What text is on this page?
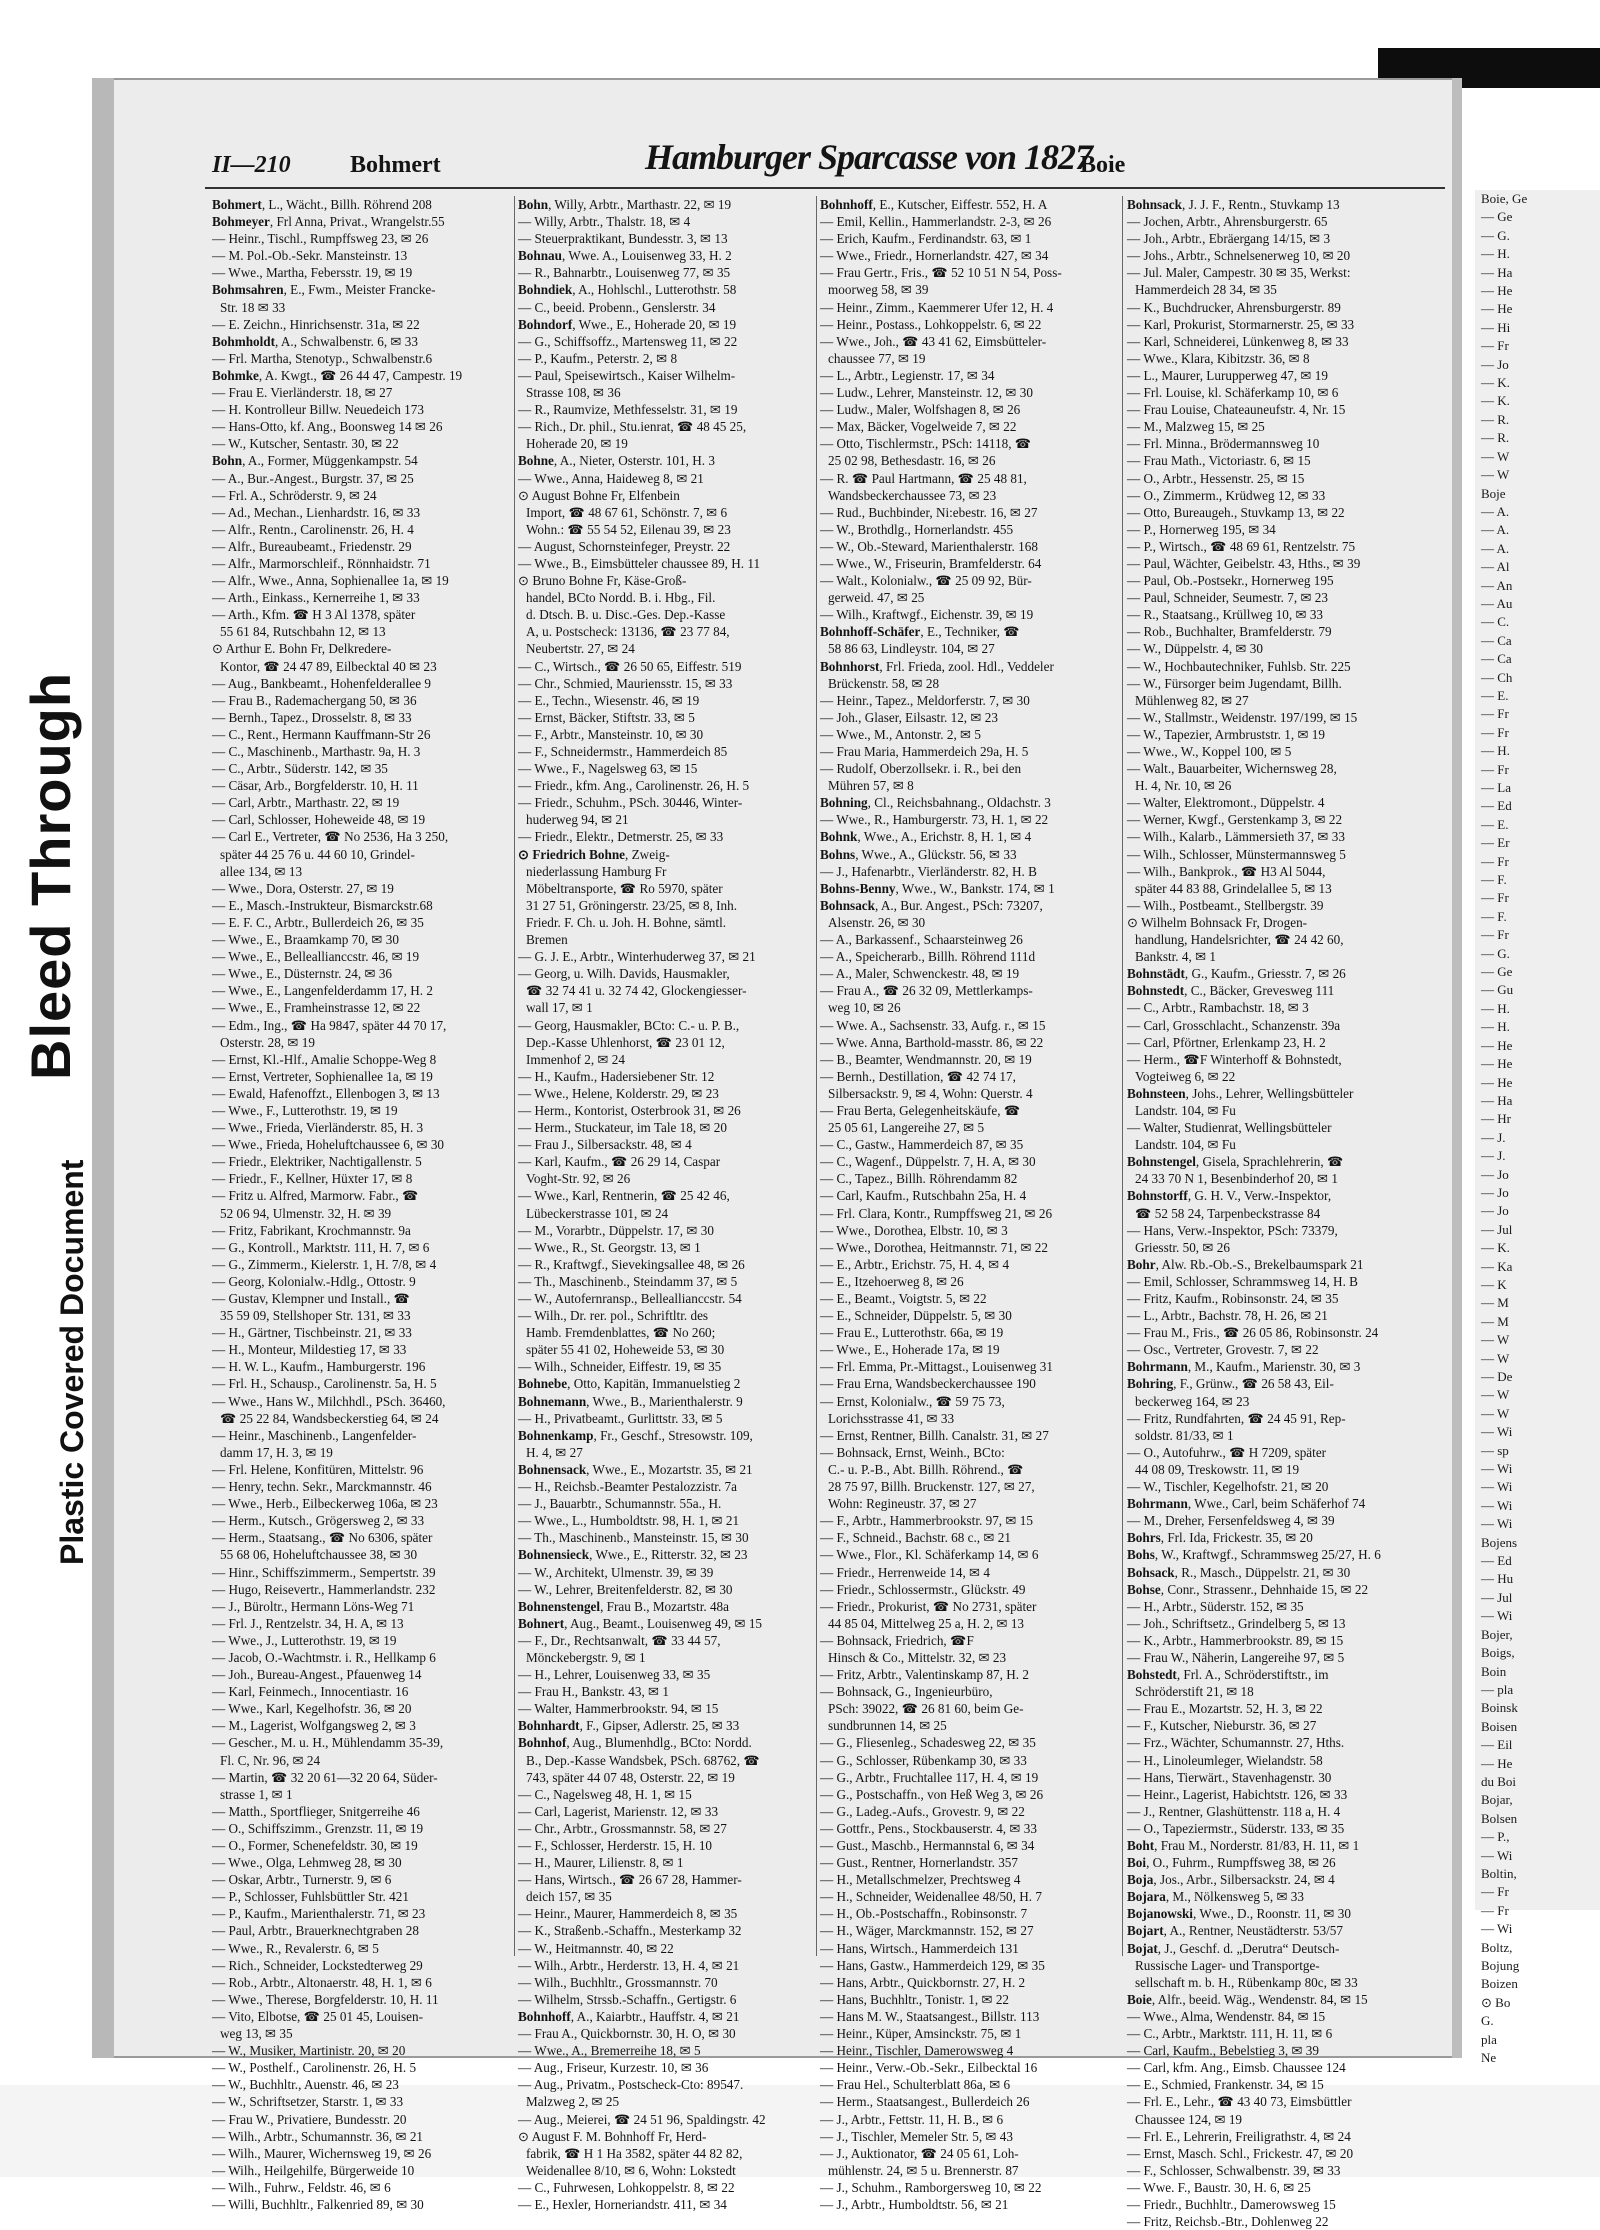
Bleed Through
Plastic Covered Document
Boie, Ge
— Ge
— G.
— H.
— Ha
— He
— He
— Hi
— Fr
— Jo
— K.
— K.
— R.
— R.
— W
— W
Boje
— A.
— A.
— A.
— Al
— An
— Au
— C.
— Ca
— Ca
— Ch
— E.
— Fr
— Fr
— H.
— Fr
— La
— Ed
— E.
— Er
— Fr
— F.
— Fr
— F.
— Fr
— G.
— Ge
— Gu
— H.
— H.
— He
— He
— He
— Ha
— Hr
— J.
— J.
— Jo
— Jo
— Jo
— Jul
— K.
— Ka
— K
— M
— M
— W
— W
— De
— W
— W
— Wi
— sp
— Wi
— Wi
— Wi
— Wi
Bojens
— Ed
— Hu
— Jul
— Wi
Bojer,
Boigs,
Boin
— pla
Boinsk
Boisen
— Eil
— He
du Boi
Bojar,
Bolsen
— P.,
— Wi
Boltin,
— Fr
— Fr
— Wi
Boltz,
Bojung
Boizen
⊙ Bo
G.
pla
Ne
II—210 Bohmert	Hamburger Sparcasse von 1827
Boie
Bohmert, L., Wächt., Billh. Röhrend 208
Bohmeyer, Frl Anna, Privat., Wrangelstr.55
— Heinr., Tischl., Rumpffsweg 23, ✉ 26
— M. Pol.-Ob.-Sekr. Mansteinstr. 13
— Wwe., Martha, Febersstr. 19, ✉ 19
Bohmsahren, E., Fwm., Meister Francke-
Str. 18 ✉ 33
— E. Zeichn., Hinrichsenstr. 31a, ✉ 22
Bohmholdt, A., Schwalbenstr. 6, ✉ 33
— Frl. Martha, Stenotyp., Schwalbenstr.6
Bohmke, A. Kwgt., ☎ 26 44 47, Campestr. 19
— Frau E. Vierländerstr. 18, ✉ 27
— H. Kontrolleur Billw. Neuedeich 173
— Hans-Otto, kf. Ang., Boonsweg 14 ✉ 26
— W., Kutscher, Sentastr. 30, ✉ 22
Bohn, A., Former, Müggenkampstr. 54
— A., Bur.-Angest., Burgstr. 37, ✉ 25
— Frl. A., Schröderstr. 9, ✉ 24
— Ad., Mechan., Lienhardstr. 16, ✉ 33
— Alfr., Rentn., Carolinenstr. 26, H. 4
— Alfr., Bureaubeamt., Friedenstr. 29
— Alfr., Marmorschleif., Rönnhaidstr. 71
— Alfr., Wwe., Anna, Sophienallee 1a, ✉ 19
— Arth., Einkass., Kernerreihe 1, ✉ 33
— Arth., Kfm. ☎ H 3 Al 1378, später
55 61 84, Rutschbahn 12, ✉ 13
⊙ Arthur E. Bohn Fr, Delkredere-
Kontor, ☎ 24 47 89, Eilbecktal 40 ✉ 23
— Aug., Bankbeamt., Hohenfelderallee 9
— Frau B., Rademachergang 50, ✉ 36
— Bernh., Tapez., Drosselstr. 8, ✉ 33
— C., Rent., Hermann Kauffmann-Str 26
— C., Maschinenb., Marthastr. 9a, H. 3
— C., Arbtr., Süderstr. 142, ✉ 35
— Cäsar, Arb., Borgfelderstr. 10, H. 11
— Carl, Arbtr., Marthastr. 22, ✉ 19
— Carl, Schlosser, Hoheweide 48, ✉ 19
— Carl E., Vertreter, ☎ No 2536, Ha 3 250,
später 44 25 76 u. 44 60 10, Grindel-
allee 134, ✉ 13
— Wwe., Dora, Osterstr. 27, ✉ 19
— E., Masch.-Instrukteur, Bismarckstr.68
— E. F. C., Arbtr., Bullerdeich 26, ✉ 35
— Wwe., E., Braamkamp 70, ✉ 30
— Wwe., E., Belleallianccstr. 46, ✉ 19
— Wwe., E., Düsternstr. 24, ✉ 36
— Wwe., E., Langenfelderdamm 17, H. 2
— Wwe., E., Framheinstrasse 12, ✉ 22
— Edm., Ing., ☎ Ha 9847, später 44 70 17,
Osterstr. 28, ✉ 19
— Ernst, Kl.-Hlf., Amalie Schoppe-Weg 8
— Ernst, Vertreter, Sophienallee 1a, ✉ 19
— Ewald, Hafenoffzt., Ellenbogen 3, ✉ 13
— Wwe., F., Lutterothstr. 19, ✉ 19
— Wwe., Frieda, Vierländerstr. 85, H. 3
— Wwe., Frieda, Hoheluftchaussee 6, ✉ 30
— Friedr., Elektriker, Nachtigallenstr. 5
— Friedr., F., Kellner, Hüxter 17, ✉ 8
— Fritz u. Alfred, Marmorw. Fabr., ☎
52 06 94, Ulmenstr. 32, H. ✉ 39
— Fritz, Fabrikant, Krochmannstr. 9a
— G., Kontroll., Marktstr. 111, H. 7, ✉ 6
— G., Zimmerm., Kielerstr. 1, H. 7/8, ✉ 4
— Georg, Kolonialw.-Hdlg., Ottostr. 9
— Gustav, Klempner und Install., ☎
35 59 09, Stellshoper Str. 131, ✉ 33
— H., Gärtner, Tischbeinstr. 21, ✉ 33
— H., Monteur, Mildestieg 17, ✉ 33
— H. W. L., Kaufm., Hamburgerstr. 196
— Frl. H., Schausp., Carolinenstr. 5a, H. 5
— Wwe., Hans W., Milchhdl., PSch. 36460,
☎ 25 22 84, Wandsbeckerstieg 64, ✉ 24
— Heinr., Maschinenb., Langenfelder-
damm 17, H. 3, ✉ 19
— Frl. Helene, Konfitüren, Mittelstr. 96
— Henry, techn. Sekr., Marckmannstr. 46
— Wwe., Herb., Eilbeckerweg 106a, ✉ 23
— Herm., Kutsch., Grögersweg 2, ✉ 33
— Herm., Staatsang., ☎ No 6306, später
55 68 06, Hoheluftchaussee 38, ✉ 30
— Hinr., Schiffszimmerm., Sempertstr. 39
— Hugo, Reisevertr., Hammerlandstr. 232
— J., Büroltr., Hermann Löns-Weg 71
— Frl. J., Rentzelstr. 34, H. A, ✉ 13
— Wwe., J., Lutterothstr. 19, ✉ 19
— Jacob, O.-Wachtmstr. i. R., Hellkamp 6
— Joh., Bureau-Angest., Pfauenweg 14
— Karl, Feinmech., Innocentiastr. 16
— Wwe., Karl, Kegelhofstr. 36, ✉ 20
— M., Lagerist, Wolfgangsweg 2, ✉ 3
— Gescher., M. u. H., Mühlendamm 35-39,
Fl. C, Nr. 96, ✉ 24
— Martin, ☎ 32 20 61—32 20 64, Süder-
strasse 1, ✉ 1
— Matth., Sportflieger, Snitgerreihe 46
— O., Schiffszimm., Grenzstr. 11, ✉ 19
— O., Former, Schenefeldstr. 30, ✉ 19
— Wwe., Olga, Lehmweg 28, ✉ 30
— Oskar, Arbtr., Turnerstr. 9, ✉ 6
— P., Schlosser, Fuhlsbüttler Str. 421
— P., Kaufm., Marienthalerstr. 71, ✉ 23
— Paul, Arbtr., Brauerknechtgraben 28
— Wwe., R., Revalerstr. 6, ✉ 5
— Rich., Schneider, Lockstedterweg 29
— Rob., Arbtr., Altonaerstr. 48, H. 1, ✉ 6
— Wwe., Therese, Borgfelderstr. 10, H. 11
— Vito, Elbotse, ☎ 25 01 45, Louisen-
weg 13, ✉ 35
— W., Musiker, Martinistr. 20, ✉ 20
— W., Posthelf., Carolinenstr. 26, H. 5
— W., Buchhltr., Auenstr. 46, ✉ 23
— W., Schriftsetzer, Starstr. 1, ✉ 33
— Frau W., Privatiere, Bundesstr. 20
— Wilh., Arbtr., Schumannstr. 36, ✉ 21
— Wilh., Maurer, Wichernsweg 19, ✉ 26
— Wilh., Heilgehilfe, Bürgerweide 10
— Wilh., Fuhrw., Feldstr. 46, ✉ 6
— Willi, Buchhltr., Falkenried 89, ✉ 30
Bohn, Willy, Arbtr., Marthastr. 22, ✉ 19
— Willy, Arbtr., Thalstr. 18, ✉ 4
— Steuerpraktikant, Bundesstr. 3, ✉ 13
Bohnau, Wwe. A., Louisenweg 33, H. 2
— R., Bahnarbtr., Louisenweg 77, ✉ 35
Bohndiek, A., Hohlschl., Lutterothstr. 58
— C., beeid. Probenn., Genslerstr. 34
Bohndorf, Wwe., E., Hoherade 20, ✉ 19
— G., Schiffsoffz., Martensweg 11, ✉ 22
— P., Kaufm., Peterstr. 2, ✉ 8
— Paul, Speisewirtsch., Kaiser Wilhelm-
Strasse 108, ✉ 36
— R., Raumvize, Methfesselstr. 31, ✉ 19
— Rich., Dr. phil., Stu.ienrat, ☎ 48 45 25,
Hoherade 20, ✉ 19
Bohne, A., Nieter, Osterstr. 101, H. 3
— Wwe., Anna, Haideweg 8, ✉ 21
⊙ August Bohne Fr, Elfenbein
Import, ☎ 48 67 61, Schönstr. 7, ✉ 6
Wohn.: ☎ 55 54 52, Eilenau 39, ✉ 23
— August, Schornsteinfeger, Preystr. 22
— Wwe., B., Eimsbütteler chaussee 89, H. 11
⊙ Bruno Bohne Fr, Käse-Groß-
handel, BCto Nordd. B. i. Hbg., Fil.
d. Dtsch. B. u. Disc.-Ges. Dep.-Kasse
A, u. Postscheck: 13136, ☎ 23 77 84,
Neubertstr. 27, ✉ 24
— C., Wirtsch., ☎ 26 50 65, Eiffestr. 519
— Chr., Schmied, Mauriensstr. 15, ✉ 33
— E., Techn., Wiesenstr. 46, ✉ 19
— Ernst, Bäcker, Stiftstr. 33, ✉ 5
— F., Arbtr., Mansteinstr. 10, ✉ 30
— F., Schneidermstr., Hammerdeich 85
— Wwe., F., Nagelsweg 63, ✉ 15
— Friedr., kfm. Ang., Carolinenstr. 26, H. 5
— Friedr., Schuhm., PSch. 30446, Winter-
huderweg 94, ✉ 21
— Friedr., Elektr., Detmerstr. 25, ✉ 33
⊙ Friedrich Bohne, Zweig-
niederlassung Hamburg Fr
Möbeltransporte, ☎ Ro 5970, später
31 27 51, Gröningerstr. 23/25, ✉ 8, Inh.
Friedr. F. Ch. u. Joh. H. Bohne, sämtl.
Bremen
— G. J. E., Arbtr., Winterhuderweg 37, ✉ 21
— Georg, u. Wilh. Davids, Hausmakler,
☎ 32 74 41 u. 32 74 42, Glockengiesser-
wall 17, ✉ 1
— Georg, Hausmakler, BCto: C.- u. P. B.,
Dep.-Kasse Uhlenhorst, ☎ 23 01 12,
Immenhof 2, ✉ 24
— H., Kaufm., Hadersiebener Str. 12
— Wwe., Helene, Kolderstr. 29, ✉ 23
— Herm., Kontorist, Osterbrook 31, ✉ 26
— Herm., Stuckateur, im Tale 18, ✉ 20
— Frau J., Silbersackstr. 48, ✉ 4
— Karl, Kaufm., ☎ 26 29 14, Caspar
Voght-Str. 92, ✉ 26
— Wwe., Karl, Rentnerin, ☎ 25 42 46,
Lübeckerstrasse 101, ✉ 24
— M., Vorarbtr., Düppelstr. 17, ✉ 30
— Wwe., R., St. Georgstr. 13, ✉ 1
— R., Kraftwgf., Sievekingsallee 48, ✉ 26
— Th., Maschinenb., Steindamm 37, ✉ 5
— W., Autofernransp., Belleallianccstr. 54
— Wilh., Dr. rer. pol., Schriftltr. des
Hamb. Fremdenblattes, ☎ No 260;
später 55 41 02, Hoheweide 53, ✉ 30
— Wilh., Schneider, Eiffestr. 19, ✉ 35
Bohnebe, Otto, Kapitän, Immanuelstieg 2
Bohnemann, Wwe., B., Marienthalerstr. 9
— H., Privatbeamt., Gurlittstr. 33, ✉ 5
Bohnenkamp, Fr., Geschf., Stresowstr. 109,
H. 4, ✉ 27
Bohnensack, Wwe., E., Mozartstr. 35, ✉ 21
— H., Reichsb.-Beamter Pestalozzistr. 7a
— J., Bauarbtr., Schumannstr. 55a., H.
— Wwe., L., Humboldtstr. 98, H. 1, ✉ 21
— Th., Maschinenb., Mansteinstr. 15, ✉ 30
Bohnensieck, Wwe., E., Ritterstr. 32, ✉ 23
— W., Architekt, Ulmenstr. 39, ✉ 39
— W., Lehrer, Breitenfelderstr. 82, ✉ 30
Bohnenstengel, Frau B., Mozartstr. 48a
Bohnert, Aug., Beamt., Louisenweg 49, ✉ 15
— F., Dr., Rechtsanwalt, ☎ 33 44 57,
Mönckebergstr. 9, ✉ 1
— H., Lehrer, Louisenweg 33, ✉ 35
— Frau H., Bankstr. 43, ✉ 1
— Walter, Hammerbrookstr. 94, ✉ 15
Bohnhardt, F., Gipser, Adlerstr. 25, ✉ 33
Bohnhof, Aug., Blumenhdlg., BCto: Nordd.
B., Dep.-Kasse Wandsbek, PSch. 68762, ☎
743, später 44 07 48, Osterstr. 22, ✉ 19
— C., Nagelsweg 48, H. 1, ✉ 15
— Carl, Lagerist, Marienstr. 12, ✉ 33
— Chr., Arbtr., Grossmannstr. 58, ✉ 27
— F., Schlosser, Herderstr. 15, H. 10
— H., Maurer, Lilienstr. 8, ✉ 1
— Hans, Wirtsch., ☎ 26 67 28, Hammer-
deich 157, ✉ 35
— Heinr., Maurer, Hammerdeich 8, ✉ 35
— K., Straßenb.-Schaffn., Mesterkamp 32
— W., Heitmannstr. 40, ✉ 22
— Wilh., Arbtr., Herderstr. 13, H. 4, ✉ 21
— Wilh., Buchhltr., Grossmannstr. 70
— Wilhelm, Strssb.-Schaffn., Gertigstr. 6
Bohnhoff, A., Kaiarbtr., Hauffstr. 4, ✉ 21
— Frau A., Quickbornstr. 30, H. O, ✉ 30
— Wwe., A., Bremerreihe 18, ✉ 5
— Aug., Friseur, Kurzestr. 10, ✉ 36
— Aug., Privatm., Postscheck-Cto: 89547.
Malzweg 2, ✉ 25
— Aug., Meierei, ☎ 24 51 96, Spaldingstr. 42
⊙ August F. M. Bohnhoff Fr, Herd-
fabrik, ☎ H 1 Ha 3582, später 44 82 82,
Weidenallee 8/10, ✉ 6, Wohn: Lokstedt
— C., Fuhrwesen, Lohkoppelstr. 8, ✉ 22
— E., Hexler, Horneriandstr. 411, ✉ 34
Bohnhoff, E., Kutscher, Eiffestr. 552, H. A
— Emil, Kellin., Hammerlandstr. 2-3, ✉ 26
— Erich, Kaufm., Ferdinandstr. 63, ✉ 1
— Wwe., Friedr., Hornerlandstr. 427, ✉ 34
— Frau Gertr., Fris., ☎ 52 10 51 N 54, Poss-
moorweg 58, ✉ 39
— Heinr., Zimm., Kaemmerer Ufer 12, H. 4
— Heinr., Postass., Lohkoppelstr. 6, ✉ 22
— Wwe., Joh., ☎ 43 41 62, Eimsbütteler-
chaussee 77, ✉ 19
— L., Arbtr., Legienstr. 17, ✉ 34
— Ludw., Lehrer, Mansteinstr. 12, ✉ 30
— Ludw., Maler, Wolfshagen 8, ✉ 26
— Max, Bäcker, Vogelweide 7, ✉ 22
— Otto, Tischlermstr., PSch: 14118, ☎
25 02 98, Bethesdastr. 16, ✉ 26
— R. ☎ Paul Hartmann, ☎ 25 48 81,
Wandsbeckerchaussee 73, ✉ 23
— Rud., Buchbinder, Ni:ebestr. 16, ✉ 27
— W., Brothdlg., Hornerlandstr. 455
— W., Ob.-Steward, Marienthalerstr. 168
— Wwe., W., Friseurin, Bramfelderstr. 64
— Walt., Kolonialw., ☎ 25 09 92, Bür-
gerweid. 47, ✉ 25
— Wilh., Kraftwgf., Eichenstr. 39, ✉ 19
Bohnhoff-Schäfer, E., Techniker, ☎
58 86 63, Lindleystr. 104, ✉ 27
Bohnhorst, Frl. Frieda, zool. Hdl., Veddeler
Brückenstr. 58, ✉ 28
— Heinr., Tapez., Meldorferstr. 7, ✉ 30
— Joh., Glaser, Eilsastr. 12, ✉ 23
— Wwe., M., Antonstr. 2, ✉ 5
— Frau Maria, Hammerdeich 29a, H. 5
— Rudolf, Oberzollsekr. i. R., bei den
Mühren 57, ✉ 8
Bohning, Cl., Reichsbahnang., Oldachstr. 3
— Wwe., R., Hamburgerstr. 73, H. 1, ✉ 22
Bohnk, Wwe., A., Erichstr. 8, H. 1, ✉ 4
Bohns, Wwe., A., Glückstr. 56, ✉ 33
— J., Hafenarbtr., Vierländerstr. 82, H. B
Bohns-Benny, Wwe., W., Bankstr. 174, ✉ 1
Bohnsack, A., Bur. Angest., PSch: 73207,
Alsenstr. 26, ✉ 30
— A., Barkassenf., Schaarsteinweg 26
— A., Speicherarb., Billh. Röhrend 111d
— A., Maler, Schwenckestr. 48, ✉ 19
— Frau A., ☎ 26 32 09, Mettlerkamps-
weg 10, ✉ 26
— Wwe. A., Sachsenstr. 33, Aufg. r., ✉ 15
— Wwe. Anna, Barthold-masstr. 86, ✉ 22
— B., Beamter, Wendmannstr. 20, ✉ 19
— Bernh., Destillation, ☎ 42 74 17,
Silbersackstr. 9, ✉ 4, Wohn: Querstr. 4
— Frau Berta, Gelegenheitskäufe, ☎
25 05 61, Langereihe 27, ✉ 5
— C., Gastw., Hammerdeich 87, ✉ 35
— C., Wagenf., Düppelstr. 7, H. A, ✉ 30
— C., Tapez., Billh. Röhrendamm 82
— Carl, Kaufm., Rutschbahn 25a, H. 4
— Frl. Clara, Kontr., Rumpffsweg 21, ✉ 26
— Wwe., Dorothea, Elbstr. 10, ✉ 3
— Wwe., Dorothea, Heitmannstr. 71, ✉ 22
— E., Arbtr., Erichstr. 75, H. 4, ✉ 4
— E., Itzehoerweg 8, ✉ 26
— E., Beamt., Voigtstr. 5, ✉ 22
— E., Schneider, Düppelstr. 5, ✉ 30
— Frau E., Lutterothstr. 66a, ✉ 19
— Wwe., E., Hoherade 17a, ✉ 19
— Frl. Emma, Pr.-Mittagst., Louisenweg 31
— Frau Erna, Wandsbeckerchaussee 190
— Ernst, Kolonialw., ☎ 59 75 73,
Lorichsstrasse 41, ✉ 33
— Ernst, Rentner, Billh. Canalstr. 31, ✉ 27
— Bohnsack, Ernst, Weinh., BCto:
C.- u. P.-B., Abt. Billh. Röhrend., ☎
28 75 97, Billh. Bruckenstr. 127, ✉ 27,
Wohn: Regineustr. 37, ✉ 27
— F., Arbtr., Hammerbrookstr. 97, ✉ 15
— F., Schneid., Bachstr. 68 c., ✉ 21
— Wwe., Flor., Kl. Schäferkamp 14, ✉ 6
— Friedr., Herrenweide 14, ✉ 4
— Friedr., Schlossermstr., Glückstr. 49
— Friedr., Prokurist, ☎ No 2731, später
44 85 04, Mittelweg 25 a, H. 2, ✉ 13
— Bohnsack, Friedrich, ☎F
Hinsch & Co., Mittelstr. 32, ✉ 23
— Fritz, Arbtr., Valentinskamp 87, H. 2
— Bohnsack, G., Ingenieurbüro,
PSch: 39022, ☎ 26 81 60, beim Ge-
sundbrunnen 14, ✉ 25
— G., Fliesenleg., Schadesweg 22, ✉ 35
— G., Schlosser, Rübenkamp 30, ✉ 33
— G., Arbtr., Fruchtallee 117, H. 4, ✉ 19
— G., Postschaffn., von Heß Weg 3, ✉ 26
— G., Ladeg.-Aufs., Grovestr. 9, ✉ 22
— Gottfr., Pens., Stockbauserstr. 4, ✉ 33
— Gust., Maschb., Hermannstal 6, ✉ 34
— Gust., Rentner, Hornerlandstr. 357
— H., Metallschmelzer, Prechtsweg 4
— H., Schneider, Weidenallee 48/50, H. 7
— H., Ob.-Postschaffn., Robinsonstr. 7
— H., Wäger, Marckmannstr. 152, ✉ 27
— Hans, Wirtsch., Hammerdeich 131
— Hans, Gastw., Hammerdeich 129, ✉ 35
— Hans, Arbtr., Quickbornstr. 27, H. 2
— Hans, Buchhltr., Tonistr. 1, ✉ 22
— Hans M. W., Staatsangest., Billstr. 113
— Heinr., Küper, Amsinckstr. 75, ✉ 1
— Heinr., Tischler, Damerowsweg 4
— Heinr., Verw.-Ob.-Sekr., Eilbecktal 16
— Frau Hel., Schulterblatt 86a, ✉ 6
— Herm., Staatsangest., Bullerdeich 26
— J., Arbtr., Fettstr. 11, H. B., ✉ 6
— J., Tischler, Memeler Str. 5, ✉ 43
— J., Auktionator, ☎ 24 05 61, Loh-
mühlenstr. 24, ✉ 5 u. Brennerstr. 87
— J., Schuhm., Ramborgersweg 10, ✉ 22
— J., Arbtr., Humboldtstr. 56, ✉ 21
Bohnsack, J. J. F., Rentn., Stuvkamp 13
— Jochen, Arbtr., Ahrensburgerstr. 65
— Joh., Arbtr., Ebräergang 14/15, ✉ 3
— Johs., Arbtr., Schnelsenerweg 10, ✉ 20
— Jul. Maler, Campestr. 30 ✉ 35, Werkst:
Hammerdeich 28 34, ✉ 35
— K., Buchdrucker, Ahrensburgerstr. 89
— Karl, Prokurist, Stormarnerstr. 25, ✉ 33
— Karl, Schneiderei, Lünkenweg 8, ✉ 33
— Wwe., Klara, Kibitzstr. 36, ✉ 8
— L., Maurer, Lurupperweg 47, ✉ 19
— Frl. Louise, kl. Schäferkamp 10, ✉ 6
— Frau Louise, Chateauneufstr. 4, Nr. 15
— M., Malzweg 15, ✉ 25
— Frl. Minna., Brödermannsweg 10
— Frau Math., Victoriastr. 6, ✉ 15
— O., Arbtr., Hessenstr. 25, ✉ 15
— O., Zimmerm., Krüdweg 12, ✉ 33
— Otto, Bureaugeh., Stuvkamp 13, ✉ 22
— P., Hornerweg 195, ✉ 34
— P., Wirtsch., ☎ 48 69 61, Rentzelstr. 75
— Paul, Wächter, Geibelstr. 43, Hths., ✉ 39
— Paul, Ob.-Postsekr., Hornerweg 195
— Paul, Schneider, Seumestr. 7, ✉ 23
— R., Staatsang., Krüllweg 10, ✉ 33
— Rob., Buchhalter, Bramfelderstr. 79
— W., Düppelstr. 4, ✉ 30
— W., Hochbautechniker, Fuhlsb. Str. 225
— W., Fürsorger beim Jugendamt, Billh.
Mühlenweg 82, ✉ 27
— W., Stallmstr., Weidenstr. 197/199, ✉ 15
— W., Tapezier, Armbruststr. 1, ✉ 19
— Wwe., W., Koppel 100, ✉ 5
— Walt., Bauarbeiter, Wichernsweg 28,
H. 4, Nr. 10, ✉ 26
— Walter, Elektromont., Düppelstr. 4
— Werner, Kwgf., Gerstenkamp 3, ✉ 22
— Wilh., Kalarb., Lämmersieth 37, ✉ 33
— Wilh., Schlosser, Münstermannsweg 5
— Wilh., Bankprok., ☎ H3 Al 5044,
später 44 83 88, Grindelallee 5, ✉ 13
— Wilh., Postbeamt., Stellbergstr. 39
⊙ Wilhelm Bohnsack Fr, Drogen-
handlung, Handelsrichter, ☎ 24 42 60,
Bankstr. 4, ✉ 1
Bohnstädt, G., Kaufm., Griesstr. 7, ✉ 26
Bohnstedt, C., Bäcker, Grevesweg 111
— C., Arbtr., Rambachstr. 18, ✉ 3
— Carl, Grosschlacht., Schanzenstr. 39a
— Carl, Pförtner, Erlenkamp 23, H. 2
— Herm., ☎F Winterhoff & Bohnstedt,
Vogteiweg 6, ✉ 22
Bohnsteen, Johs., Lehrer, Wellingsbütteler
Landstr. 104, ✉ Fu
— Walter, Studienrat, Wellingsbütteler
Landstr. 104, ✉ Fu
Bohnstengel, Gisela, Sprachlehrerin, ☎
24 33 70 N 1, Besenbinderhof 20, ✉ 1
Bohnstorff, G. H. V., Verw.-Inspektor,
☎ 52 58 24, Tarpenbeckstrasse 84
— Hans, Verw.-Inspektor, PSch: 73379,
Griesstr. 50, ✉ 26
Bohr, Alw. Rb.-Ob.-S., Brekelbaumspark 21
— Emil, Schlosser, Schrammsweg 14, H. B
— Fritz, Kaufm., Robinsonstr. 24, ✉ 35
— L., Arbtr., Bachstr. 78, H. 26, ✉ 21
— Frau M., Fris., ☎ 26 05 86, Robinsonstr. 24
— Osc., Vertreter, Grovestr. 7, ✉ 22
Bohrmann, M., Kaufm., Marienstr. 30, ✉ 3
Bohring, F., Grünw., ☎ 26 58 43, Eil-
beckerweg 164, ✉ 23
— Fritz, Rundfahrten, ☎ 24 45 91, Rep-
soldstr. 81/33, ✉ 1
— O., Autofuhrw., ☎ H 7209, später
44 08 09, Treskowstr. 11, ✉ 19
— W., Tischler, Kegelhofstr. 21, ✉ 20
Bohrmann, Wwe., Carl, beim Schäferhof 74
— M., Dreher, Fersenfeldsweg 4, ✉ 39
Bohrs, Frl. Ida, Frickestr. 35, ✉ 20
Bohs, W., Kraftwgf., Schrammsweg 25/27, H. 6
Bohsack, R., Masch., Düppelstr. 21, ✉ 30
Bohse, Conr., Strassenr., Dehnhaide 15, ✉ 22
— H., Arbtr., Süderstr. 152, ✉ 35
— Joh., Schriftsetz., Grindelberg 5, ✉ 13
— K., Arbtr., Hammerbrookstr. 89, ✉ 15
— Frau W., Näherin, Langereihe 97, ✉ 5
Bohstedt, Frl. A., Schröderstiftstr., im
Schröderstift 21, ✉ 18
— Frau E., Mozartstr. 52, H. 3, ✉ 22
— F., Kutscher, Nieburstr. 36, ✉ 27
— Frz., Wächter, Schumannstr. 27, Hths.
— H., Linoleumleger, Wielandstr. 58
— Hans, Tierwärt., Stavenhagenstr. 30
— Heinr., Lagerist, Habichtstr. 126, ✉ 33
— J., Rentner, Glashüttenstr. 118 a, H. 4
— O., Tapeziermstr., Süderstr. 133, ✉ 35
Boht, Frau M., Norderstr. 81/83, H. 11, ✉ 1
Boi, O., Fuhrm., Rumpffsweg 38, ✉ 26
Boja, Jos., Arbr., Silbersackstr. 24, ✉ 4
Bojara, M., Nölkensweg 5, ✉ 33
Bojanowski, Wwe., D., Roonstr. 11, ✉ 30
Bojart, A., Rentner, Neustädterstr. 53/57
Bojat, J., Geschf. d. „Derutra“ Deutsch-
Russische Lager- und Transportge-
sellschaft m. b. H., Rübenkamp 80c, ✉ 33
Boie, Alfr., beeid. Wäg., Wendenstr. 84, ✉ 15
— Wwe., Alma, Wendenstr. 84, ✉ 15
— C., Arbtr., Marktstr. 111, H. 11, ✉ 6
— Carl, Kaufm., Bebelstieg 3, ✉ 39
— Carl, kfm. Ang., Eimsb. Chaussee 124
— E., Schmied, Frankenstr. 34, ✉ 15
— Frl. E., Lehr., ☎ 43 40 73, Eimsbüttler
Chaussee 124, ✉ 19
— Frl. E., Lehrerin, Freiligrathstr. 4, ✉ 24
— Ernst, Masch. Schl., Frickestr. 47, ✉ 20
— F., Schlosser, Schwalbenstr. 39, ✉ 33
— Wwe. F., Baustr. 30, H. 6, ✉ 25
— Friedr., Buchhltr., Damerowsweg 15
— Fritz, Reichsb.-Btr., Dohlenweg 22
